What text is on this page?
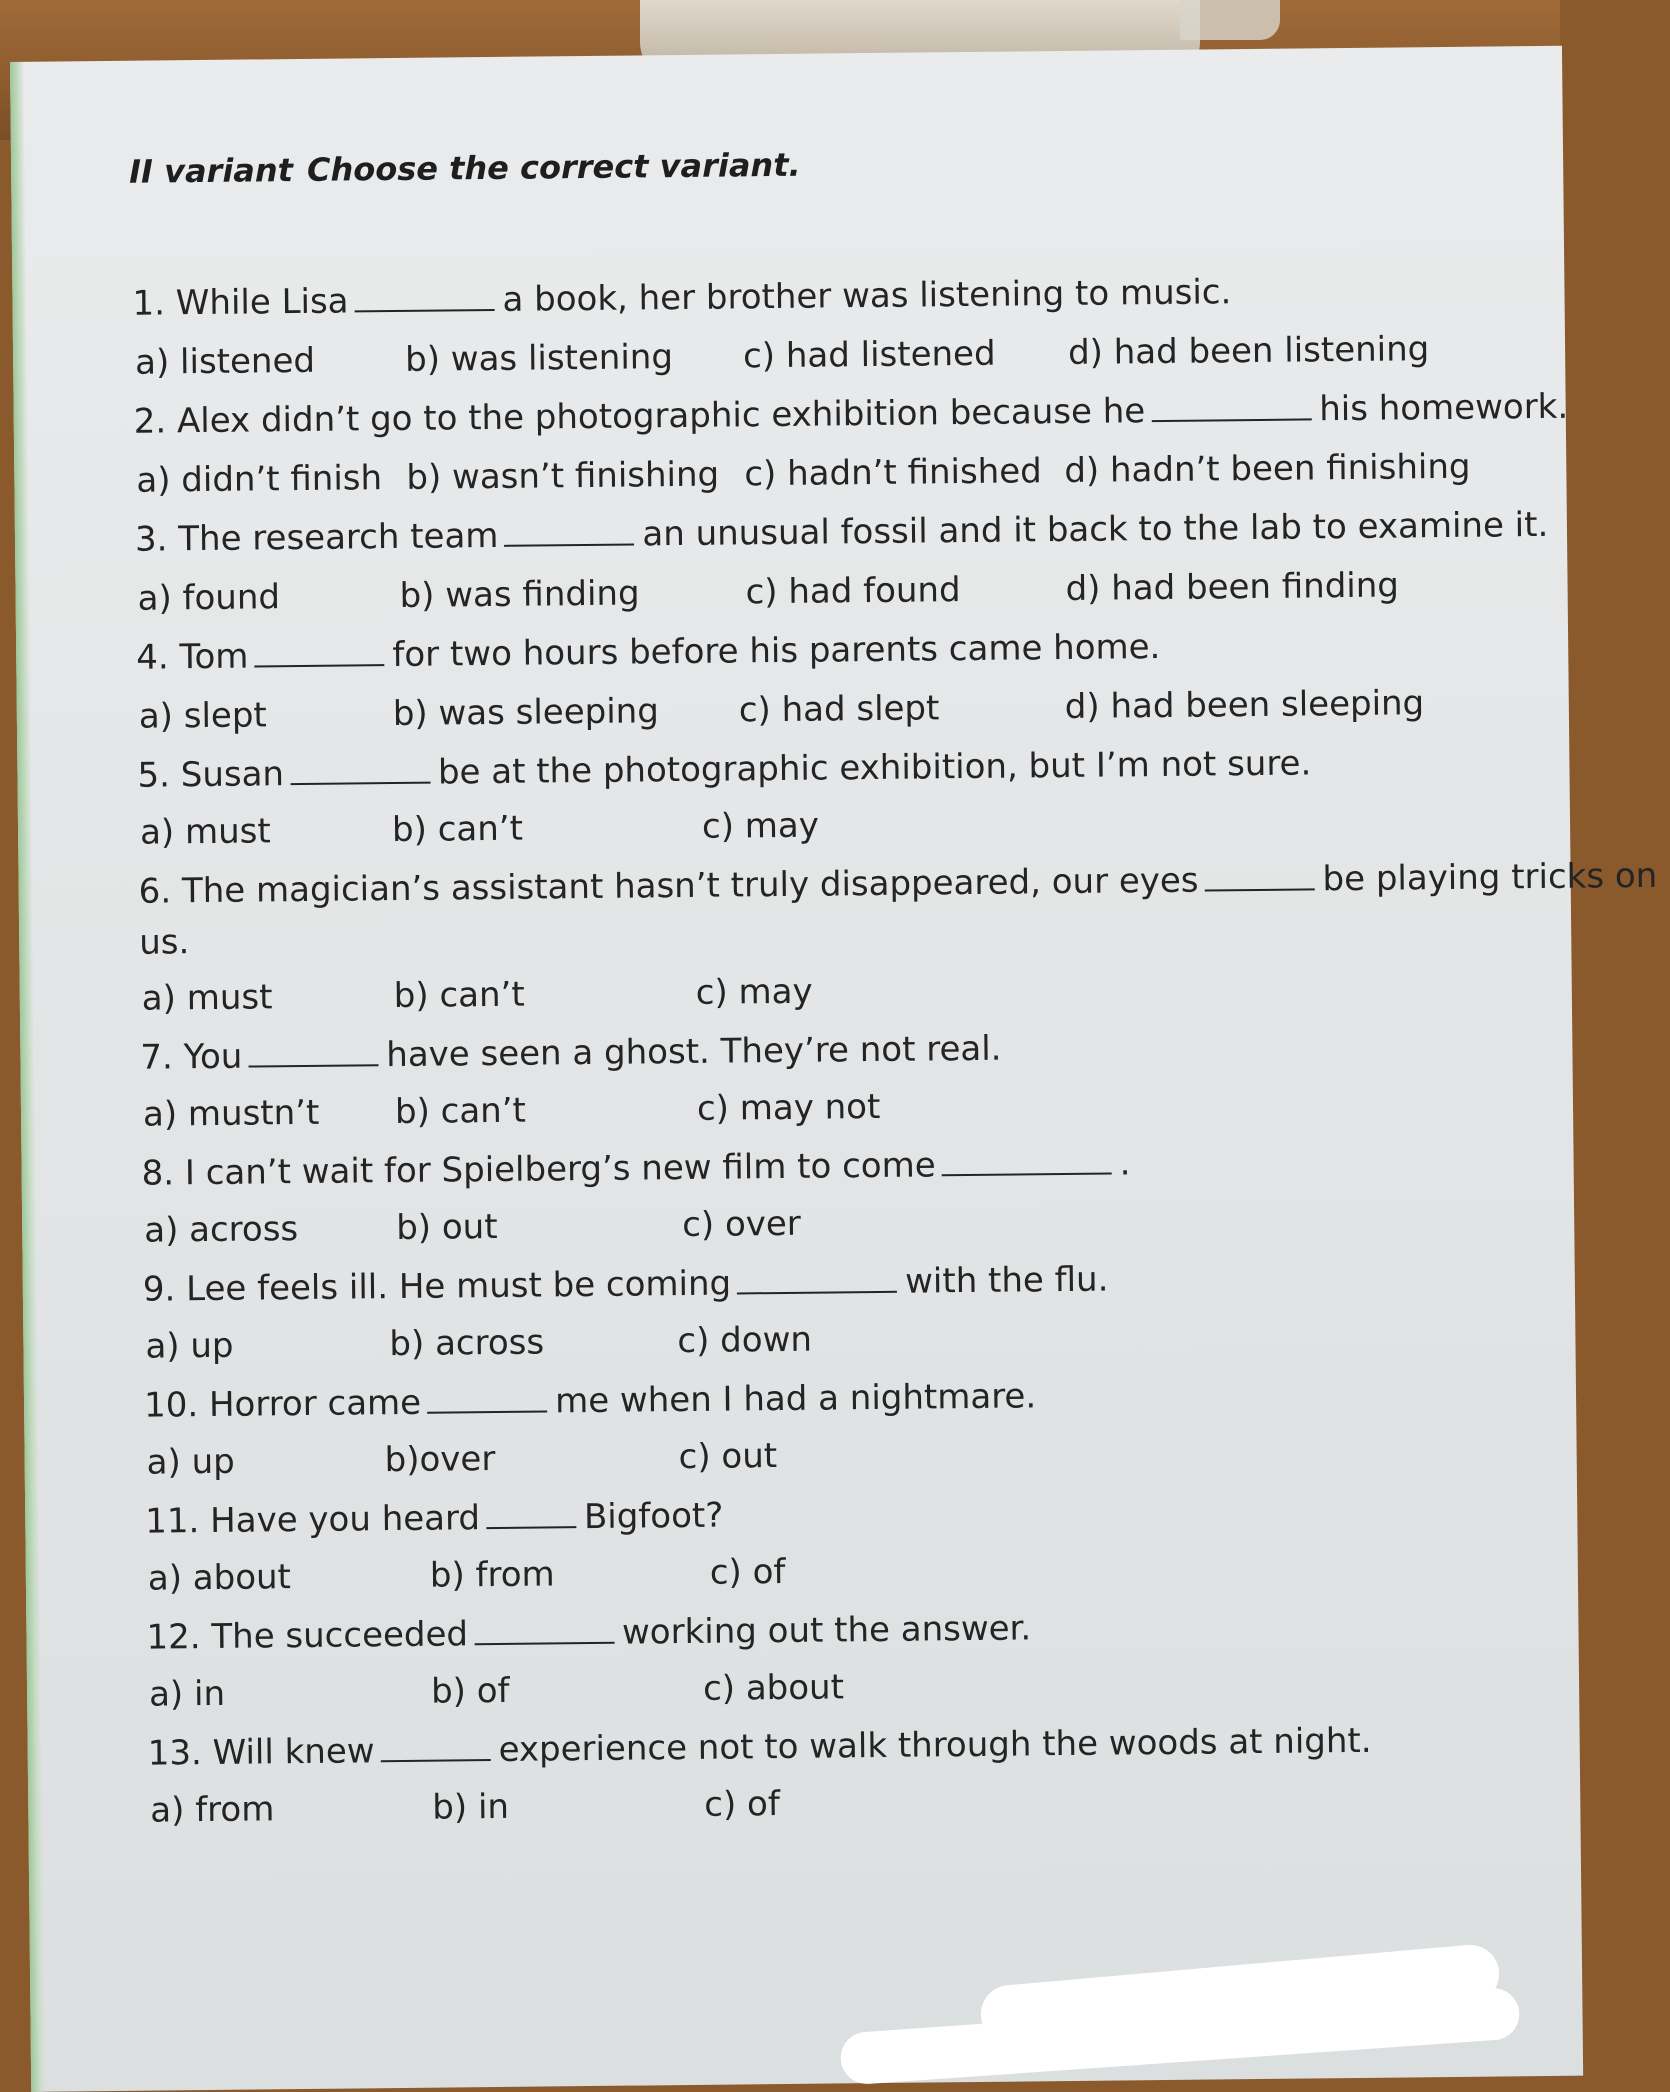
II variant Choose the correct variant.
1. While Lisa	a book, her brother was listening to music.
a) listened	b) was listening c) had listened d) had been listening
2. Alex didn’t go to the photographic exhibition because he	his homework.
a) didn’t finish b) wasn’t finishing c) hadn’t finished d) hadn’t been finishing
3. The research team	an unusual fossil and it back to the lab to examine it.
a) found	b) was finding	c) had found	d) had been finding
4. Tom	for two hours before his parents came home.
a) slept	b) was sleeping c) had slept	d) had been sleeping
5. Susan	be at the photographic exhibition, but I’m not sure.
a) must	b) can’t	c) may
6. The magician’s assistant hasn’t truly disappeared, our eyes	be playing tricks on
us.
a) must	b) can’t	c) may
7. You	have seen a ghost. They’re not real.
a) mustn’t b) can’t	c) may not
8. I can’t wait for Spielberg’s new film to come	.
a) across	b) out	c) over
9. Lee feels ill. He must be coming	with the flu.
a) up	b) across	c) down
10. Horror came	me when I had a nightmare.
a) up	b)over	c) out
11. Have you heard	Bigfoot?
a) about	b) from	c) of
12. The succeeded	working out the answer.
a) in	b) of	c) about
13. Will knew	experience not to walk through the woods at night.
a) from	b) in	c) of
